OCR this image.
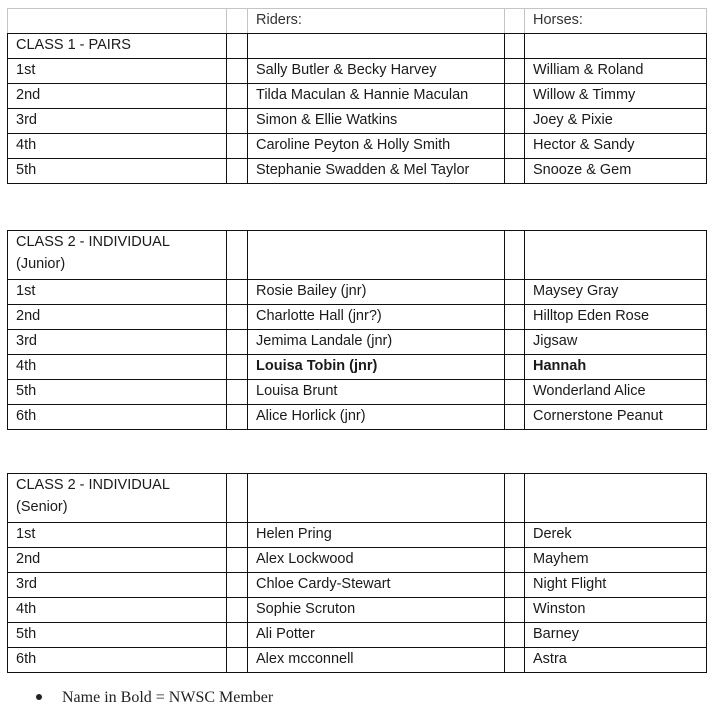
		Riders:		Horses:
CLASS 1 - PAIRS				
1st		Sally Butler & Becky Harvey		William & Roland
2nd		Tilda Maculan & Hannie Maculan		Willow & Timmy
3rd		Simon & Ellie Watkins		Joey & Pixie
4th		Caroline Peyton & Holly Smith		Hector & Sandy
5th		Stephanie Swadden & Mel Taylor		Snooze & Gem
CLASS 2 - INDIVIDUAL
(Junior)				
1st		Rosie Bailey (jnr)		Maysey Gray
2nd		Charlotte Hall (jnr?)		Hilltop Eden Rose
3rd		Jemima Landale (jnr)		Jigsaw
4th		Louisa Tobin (jnr)		Hannah
5th		Louisa Brunt		Wonderland Alice
6th		Alice Horlick (jnr)		Cornerstone Peanut
CLASS 2 - INDIVIDUAL
(Senior)				
1st		Helen Pring		Derek
2nd		Alex Lockwood		Mayhem
3rd		Chloe Cardy-Stewart		Night Flight
4th		Sophie Scruton		Winston
5th		Ali Potter		Barney
6th		Alex mcconnell		Astra
Name in Bold = NWSC Member
